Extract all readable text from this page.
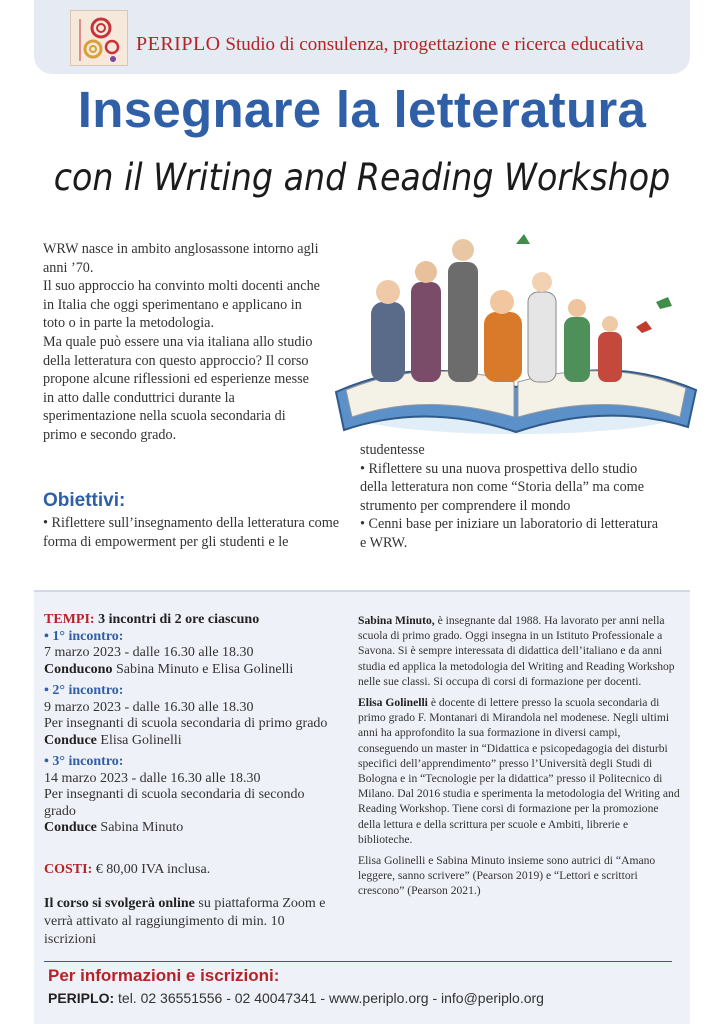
PERIPLO Studio di consulenza, progettazione e ricerca educativa
Insegnare la letteratura
con il Writing and Reading Workshop

WRW nasce in ambito anglosassone intorno agli anni ’70.

Il suo approccio ha convinto molti docenti anche in Italia che oggi sperimentano e applicano in toto o in parte la metodologia.

Ma quale può essere una via italiana allo studio della letteratura con questo approccio? Il corso propone alcune riflessioni ed esperienze messe in atto dalle conduttrici durante la sperimentazione nella scuola secondaria di primo e secondo grado.

Obiettivi:
• Riflettere sull’insegnamento della letteratura come forma di empowerment per gli studenti e le
studentesse
• Riflettere su una nuova prospettiva dello studio della letteratura non come “Storia della” ma come strumento per comprendere il mondo
• Cenni base per iniziare un laboratorio di letteratura e WRW.
TEMPI: 3 incontri di 2 ore ciascuno
• 1° incontro:
7 marzo 2023 - dalle 16.30 alle 18.30
Conducono Sabina Minuto e Elisa Golinelli
• 2° incontro:
9 marzo 2023 - dalle 16.30 alle 18.30
Per insegnanti di scuola secondaria di primo grado
Conduce Elisa Golinelli
• 3° incontro:
14 marzo 2023 - dalle 16.30 alle 18.30
Per insegnanti di scuola secondaria di secondo grado
Conduce Sabina Minuto
COSTI: € 80,00 IVA inclusa.
Il corso si svolgerà online su piattaforma Zoom e verrà attivato al raggiungimento di min. 10 iscrizioni

Sabina Minuto, è insegnante dal 1988. Ha lavorato per anni nella scuola di primo grado. Oggi insegna in un Istituto Professionale a Savona. Si è sempre interessata di didattica dell’italiano e da anni studia ed applica la metodologia del Writing and Reading Workshop nelle sue classi. Si occupa di corsi di formazione per docenti.

Elisa Golinelli è docente di lettere presso la scuola secondaria di primo grado F. Montanari di Mirandola nel modenese. Negli ultimi anni ha approfondito la sua formazione in diversi campi, conseguendo un master in “Didattica e psicopedagogia dei disturbi specifici dell’apprendimento” presso l’Università degli Studi di Bologna e in “Tecnologie per la didattica” presso il Politecnico di Milano. Dal 2016 studia e sperimenta la metodologia del Writing and Reading Workshop. Tiene corsi di formazione per la promozione della lettura e della scrittura per scuole e Ambiti, librerie e biblioteche.

Elisa Golinelli e Sabina Minuto insieme sono autrici di “Amano leggere, sanno scrivere” (Pearson 2019) e “Lettori e scrittori crescono” (Pearson 2021.)

Per informazioni e iscrizioni:
PERIPLO: tel. 02 36551556 - 02 40047341 - www.periplo.org - info@periplo.org
